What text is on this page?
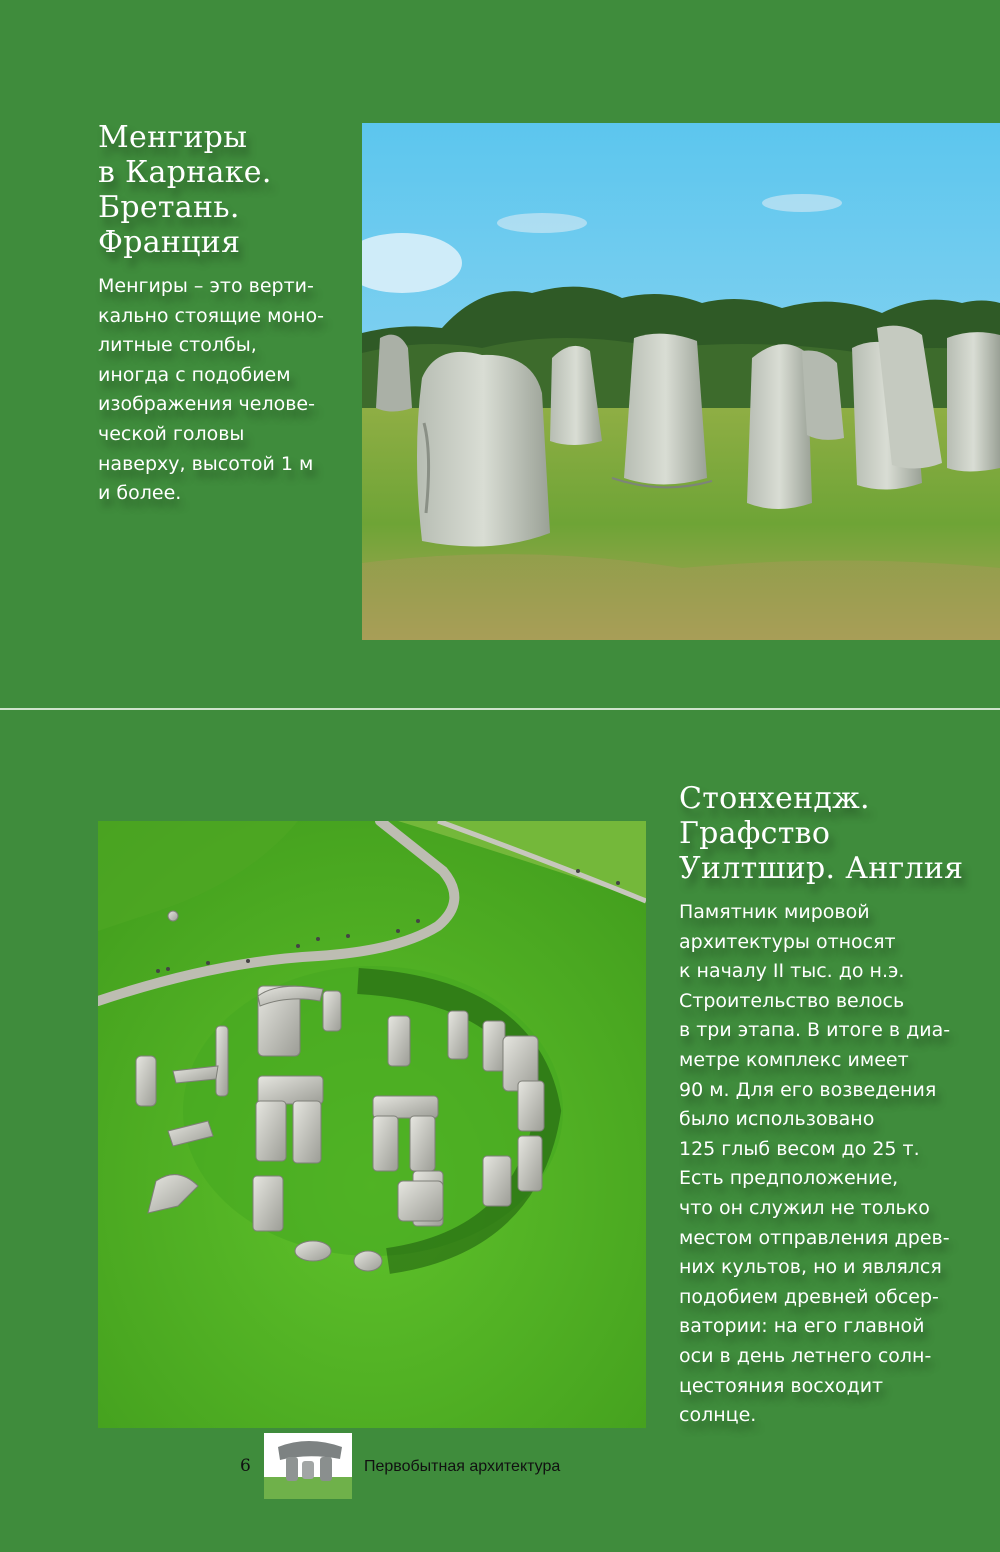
Менгиры
в Карнаке.
Бретань.
Франция

Менгиры – это верти-
кально стоящие моно-
литные столбы,
иногда с подобием
изображения челове-
ческой головы
наверху, высотой 1 м
и более.

Стонхендж.
Графство
Уилтшир. Англия

Памятник мировой
архитектуры относят
к началу II тыс. до н.э.
Строительство велось
в три этапа. В итоге в диа-
метре комплекс имеет
90 м. Для его возведения
было использовано
125 глыб весом до 25 т.
Есть предположение,
что он служил не только
местом отправления древ-
них культов, но и являлся
подобием древней обсер-
ватории: на его главной
оси в день летнего солн-
цестояния восходит
солнце.

6	Первобытная архитектура
